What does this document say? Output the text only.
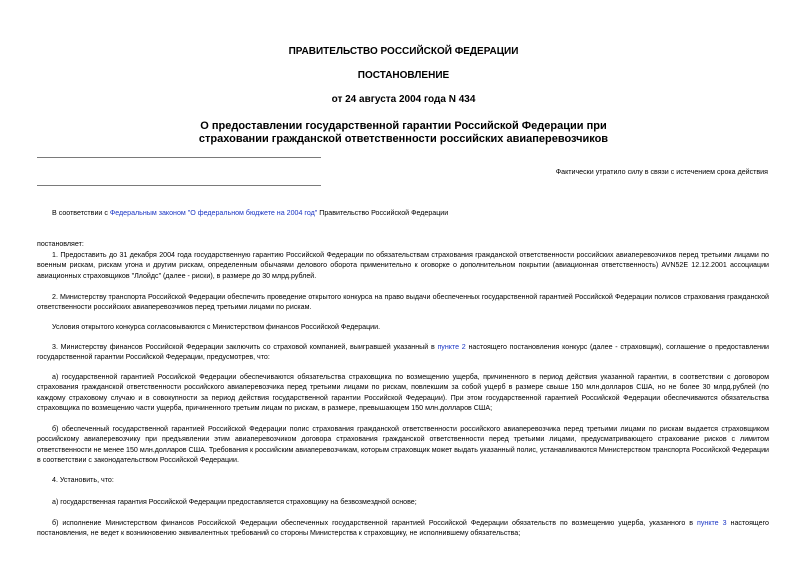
ПРАВИТЕЛЬСТВО РОССИЙСКОЙ ФЕДЕРАЦИИ
ПОСТАНОВЛЕНИЕ
от 24 августа 2004 года N 434
О предоставлении государственной гарантии Российской Федерации при
страховании гражданской ответственности российских авиаперевозчиков
Фактически утратило силу в связи с истечением срока действия
В соответствии с Федеральным законом "О федеральном бюджете на 2004 год" Правительство Российской Федерации
постановляет:
1. Предоставить до 31 декабря 2004 года государственную гарантию Российской Федерации по обязательствам страхования гражданской ответственности российских авиаперевозчиков перед третьими лицами по военным рискам, рискам угона и другим рискам, определенным обычаями делового оборота применительно к оговорке о дополнительном покрытии (авиационная ответственность) AVN52E 12.12.2001 ассоциации авиационных страховщиков "Ллойдс" (далее - риски), в размере до 30 млрд.рублей.
2. Министерству транспорта Российской Федерации обеспечить проведение открытого конкурса на право выдачи обеспеченных государственной гарантией Российской Федерации полисов страхования гражданской ответственности российских авиаперевозчиков перед третьими лицами по рискам.
Условия открытого конкурса согласовываются с Министерством финансов Российской Федерации.
3. Министерству финансов Российской Федерации заключить со страховой компанией, выигравшей указанный в пункте 2 настоящего постановления конкурс (далее - страховщик), соглашение о предоставлении государственной гарантии Российской Федерации, предусмотрев, что:
а) государственной гарантией Российской Федерации обеспечиваются обязательства страховщика по возмещению ущерба, причиненного в период действия указанной гарантии, в соответствии с договором страхования гражданской ответственности российского авиаперевозчика перед третьими лицами по рискам, повлекшим за собой ущерб в размере свыше 150 млн.долларов США, но не более 30 млрд.рублей (по каждому страховому случаю и в совокупности за период действия государственной гарантии Российской Федерации). При этом государственной гарантией Российской Федерации обеспечиваются обязательства страховщика по возмещению части ущерба, причиненного третьим лицам по рискам, в размере, превышающем 150 млн.долларов США;
б) обеспеченный государственной гарантией Российской Федерации полис страхования гражданской ответственности российского авиаперевозчика перед третьими лицами по рискам выдается страховщиком российскому авиаперевозчику при предъявлении этим авиаперевозчиком договора страхования гражданской ответственности перед третьими лицами, предусматривающего страхование рисков с лимитом ответственности не менее 150 млн.долларов США. Требования к российским авиаперевозчикам, которым страховщик может выдать указанный полис, устанавливаются Министерством транспорта Российской Федерации в соответствии с законодательством Российской Федерации.
4. Установить, что:
а) государственная гарантия Российской Федерации предоставляется страховщику на безвозмездной основе;
б) исполнение Министерством финансов Российской Федерации обеспеченных государственной гарантией Российской Федерации обязательств по возмещению ущерба, указанного в пункте 3 настоящего постановления, не ведет к возникновению эквивалентных требований со стороны Министерства к страховщику, не исполнившему обязательства;
